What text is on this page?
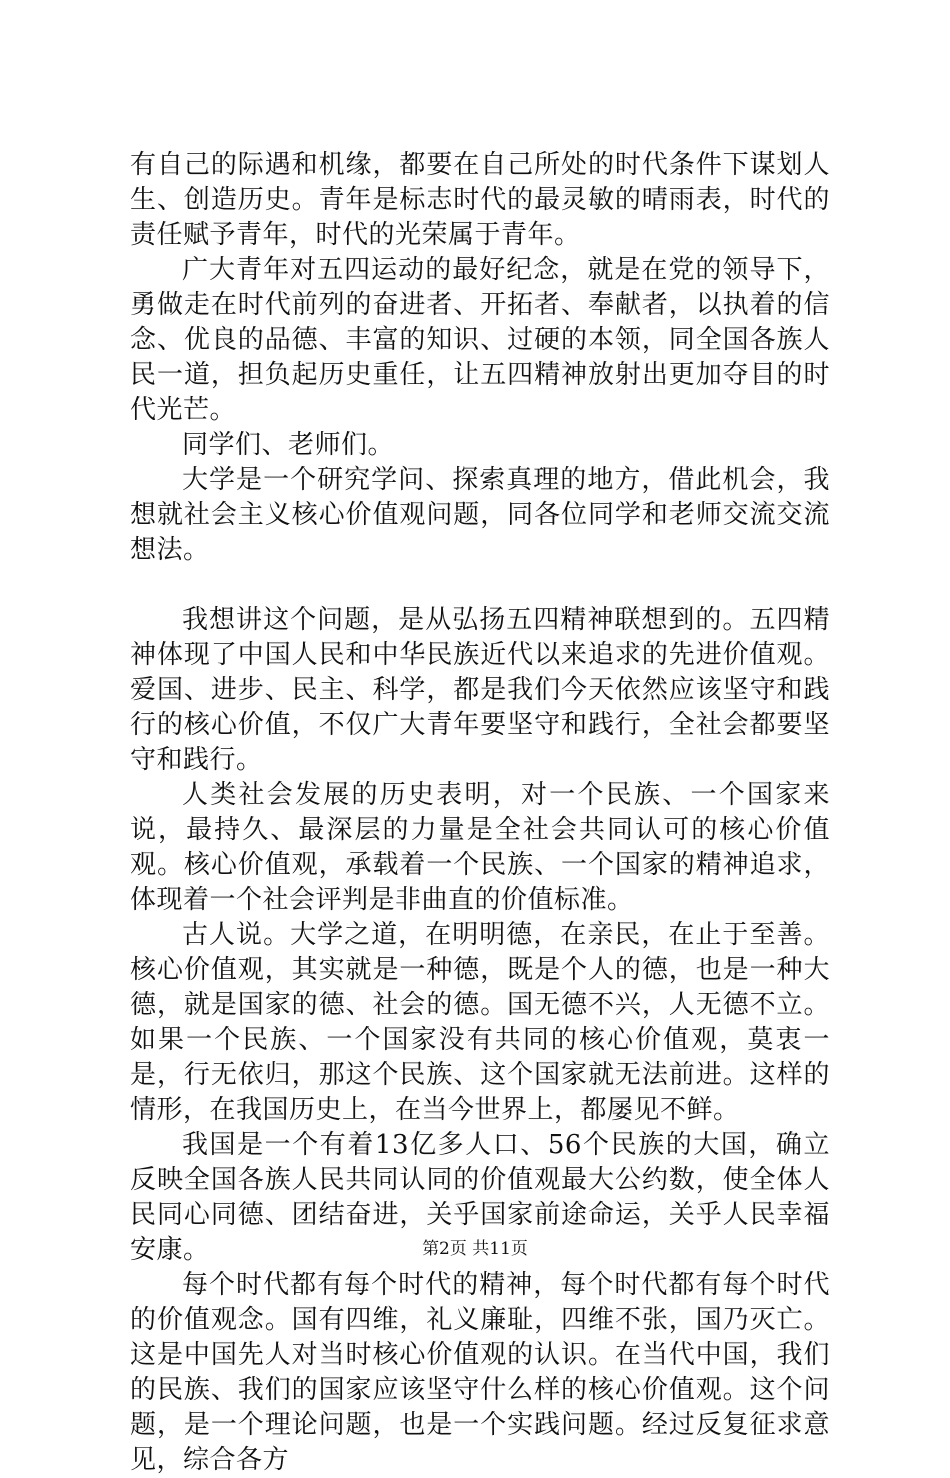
有自己的际遇和机缘，都要在自己所处的时代条件下谋划人生、创造历史。青年是标志时代的最灵敏的晴雨表，时代的责任赋予青年，时代的光荣属于青年。

广大青年对五四运动的最好纪念，就是在党的领导下，勇做走在时代前列的奋进者、开拓者、奉献者，以执着的信念、优良的品德、丰富的知识、过硬的本领，同全国各族人民一道，担负起历史重任，让五四精神放射出更加夺目的时代光芒。

同学们、老师们。

大学是一个研究学问、探索真理的地方，借此机会，我想就社会主义核心价值观问题，同各位同学和老师交流交流想法。

我想讲这个问题，是从弘扬五四精神联想到的。五四精神体现了中国人民和中华民族近代以来追求的先进价值观。爱国、进步、民主、科学，都是我们今天依然应该坚守和践行的核心价值，不仅广大青年要坚守和践行，全社会都要坚守和践行。

人类社会发展的历史表明，对一个民族、一个国家来说，最持久、最深层的力量是全社会共同认可的核心价值观。核心价值观，承载着一个民族、一个国家的精神追求，体现着一个社会评判是非曲直的价值标准。

古人说。大学之道，在明明德，在亲民，在止于至善。核心价值观，其实就是一种德，既是个人的德，也是一种大德，就是国家的德、社会的德。国无德不兴，人无德不立。如果一个民族、一个国家没有共同的核心价值观，莫衷一是，行无依归，那这个民族、这个国家就无法前进。这样的情形，在我国历史上，在当今世界上，都屡见不鲜。

我国是一个有着13亿多人口、56个民族的大国，确立反映全国各族人民共同认同的价值观最大公约数，使全体人民同心同德、团结奋进，关乎国家前途命运，关乎人民幸福安康。

每个时代都有每个时代的精神，每个时代都有每个时代的价值观念。国有四维，礼义廉耻，四维不张，国乃灭亡。这是中国先人对当时核心价值观的认识。在当代中国，我们的民族、我们的国家应该坚守什么样的核心价值观。这个问题，是一个理论问题，也是一个实践问题。经过反复征求意见，综合各方

第2页 共11页
